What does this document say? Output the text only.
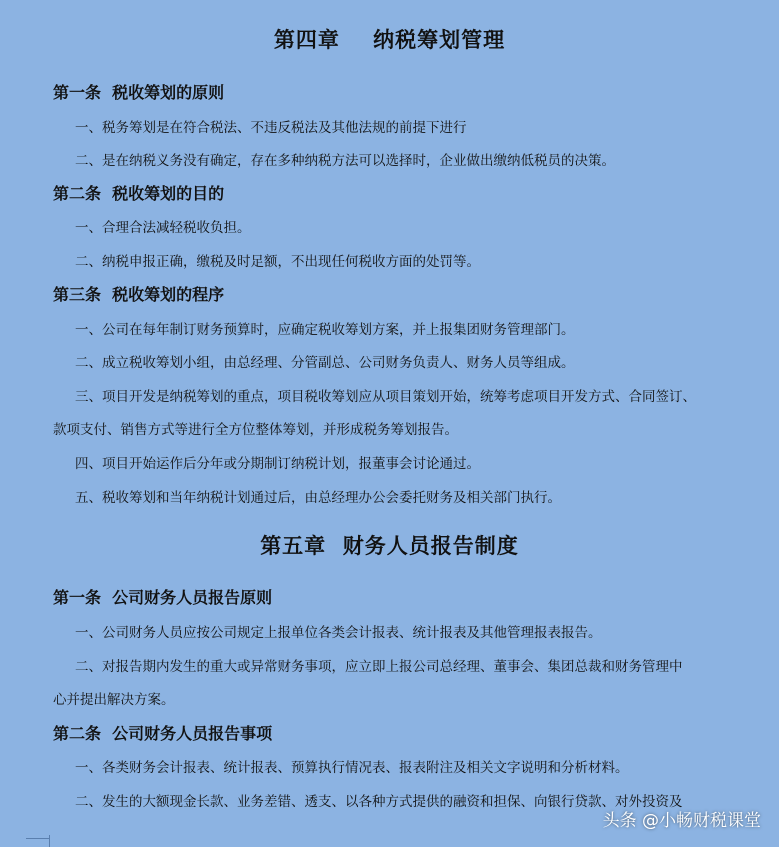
第四章    纳税筹划管理
第一条  税收筹划的原则
一、税务筹划是在符合税法、不违反税法及其他法规的前提下进行
二、是在纳税义务没有确定，存在多种纳税方法可以选择时，企业做出缴纳低税员的决策。
第二条  税收筹划的目的
一、合理合法减轻税收负担。
二、纳税申报正确，缴税及时足额，不出现任何税收方面的处罚等。
第三条  税收筹划的程序
一、公司在每年制订财务预算时，应确定税收筹划方案，并上报集团财务管理部门。
二、成立税收筹划小组，由总经理、分管副总、公司财务负责人、财务人员等组成。
三、项目开发是纳税筹划的重点，项目税收筹划应从项目策划开始，统筹考虑项目开发方式、合同签订、
款项支付、销售方式等进行全方位整体筹划，并形成税务筹划报告。
四、项目开始运作后分年或分期制订纳税计划，报董事会讨论通过。
五、税收筹划和当年纳税计划通过后，由总经理办公会委托财务及相关部门执行。
第五章  财务人员报告制度
第一条  公司财务人员报告原则
一、公司财务人员应按公司规定上报单位各类会计报表、统计报表及其他管理报表报告。
二、对报告期内发生的重大或异常财务事项，应立即上报公司总经理、董事会、集团总裁和财务管理中
心并提出解决方案。
第二条  公司财务人员报告事项
一、各类财务会计报表、统计报表、预算执行情况表、报表附注及相关文字说明和分析材料。
二、发生的大额现金长款、业务差错、透支、以各种方式提供的融资和担保、向银行贷款、对外投资及
头条 @小畅财税课堂
